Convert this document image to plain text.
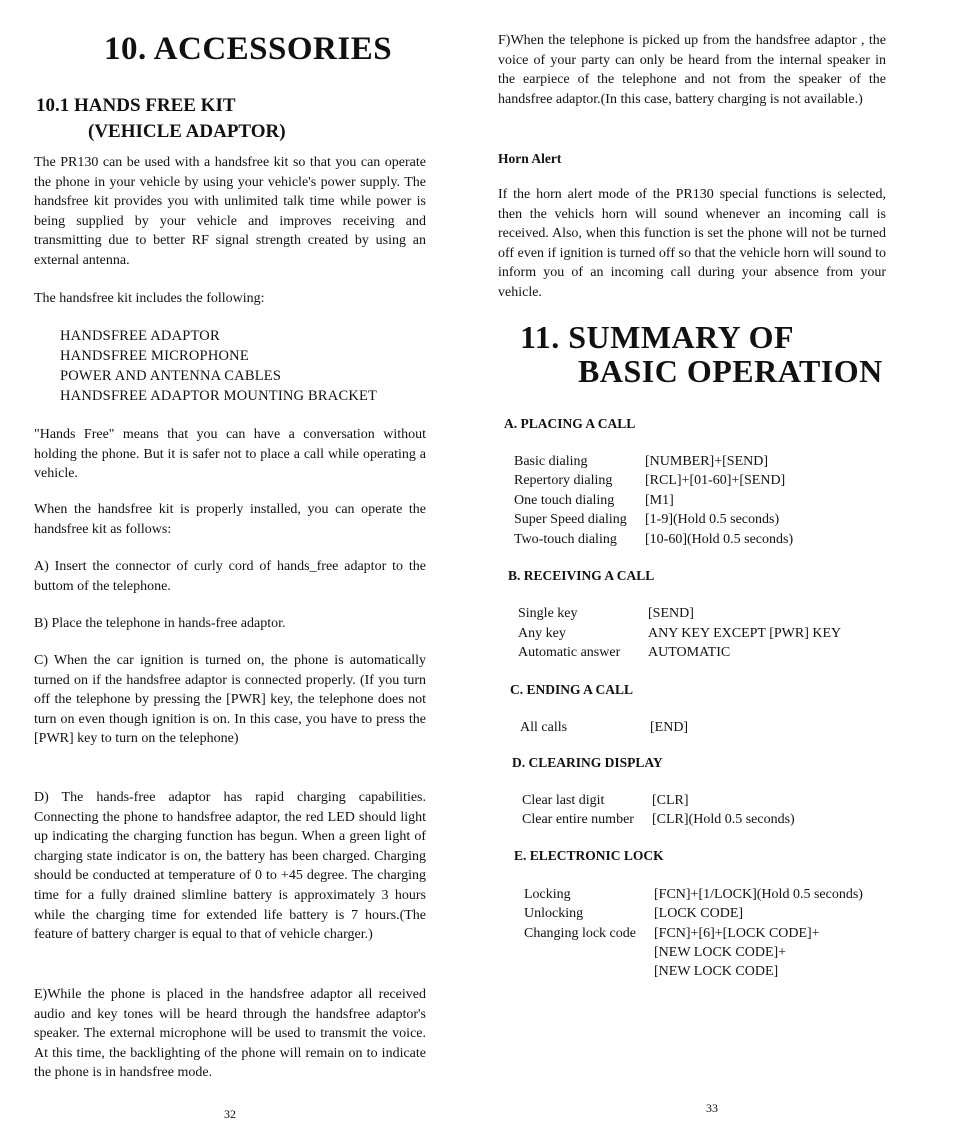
10. ACCESSORIES
10.1 HANDS FREE KIT
(VEHICLE ADAPTOR)

The PR130 can be used with a handsfree kit so that you can operate the phone in your vehicle by using your vehicle's power supply. The handsfree kit provides you with unlimited talk time while power is being supplied by your vehicle and improves receiving and transmitting due to better RF signal strength created by using an external antenna.

The handsfree kit includes the following:

HANDSFREE ADAPTOR
HANDSFREE MICROPHONE
POWER AND ANTENNA CABLES
HANDSFREE ADAPTOR MOUNTING BRACKET

"Hands Free" means that you can have a conversation without holding the phone. But it is safer not to place a call while operating a vehicle.

When the handsfree kit is properly installed, you can operate the handsfree kit as follows:

A) Insert the connector of curly cord of hands_free adaptor to the buttom of the telephone.

B) Place the telephone in hands-free adaptor.

C) When the car ignition is turned on, the phone is automatically turned on if the handsfree adaptor is connected properly. (If you turn off the telephone by pressing the [PWR] key, the telephone does not turn on even though ignition is on. In this case, you have to press the [PWR] key to turn on the telephone)

D) The hands-free adaptor has rapid charging capabilities. Connecting the phone to handsfree adaptor, the red LED should light up indicating the charging function has begun. When a green light of charging state indicator is on, the battery has been charged. Charging should be conducted at temperature of 0 to +45 degree. The charging time for a fully drained slimline battery is approximately 3 hours while the charging time for extended life battery is 7 hours.(The feature of battery charger is equal to that of vehicle charger.)

E)While the phone is placed in the handsfree adaptor all received audio and key tones will be heard through the handsfree adaptor's speaker. The external microphone will be used to transmit the voice. At this time, the backlighting of the phone will remain on to indicate the phone is in handsfree mode.

32

F)When the telephone is picked up from the handsfree adaptor , the voice of your party can only be heard from the internal speaker in the earpiece of the telephone and not from the speaker of the handsfree adaptor.(In this case, battery charging is not available.)

Horn Alert

If the horn alert mode of the PR130 special functions is selected, then the vehicls horn will sound whenever an incoming call is received. Also, when this function is set the phone will not be turned off even if ignition is turned off so that the vehicle horn will sound to inform you of an incoming call during your absence from your vehicle.

11. SUMMARY OF
BASIC OPERATION
A. PLACING A CALL
Basic dialing	[NUMBER]+[SEND]
Repertory dialing [RCL]+[01-60]+[SEND]
One touch dialing [M1]
Super Speed dialing [1-9](Hold 0.5 seconds)
Two-touch dialing [10-60](Hold 0.5 seconds)
B. RECEIVING A CALL
Single key	[SEND]
Any key	ANY KEY EXCEPT [PWR] KEY
Automatic answer AUTOMATIC
C. ENDING A CALL
All calls	[END]
D. CLEARING DISPLAY
Clear last digit	[CLR]
Clear entire number [CLR](Hold 0.5 seconds)
E. ELECTRONIC LOCK
Locking	[FCN]+[1/LOCK](Hold 0.5 seconds)
Unlocking	[LOCK CODE]
Changing lock code [FCN]+[6]+[LOCK CODE]+
[NEW LOCK CODE]+
[NEW LOCK CODE]
33
